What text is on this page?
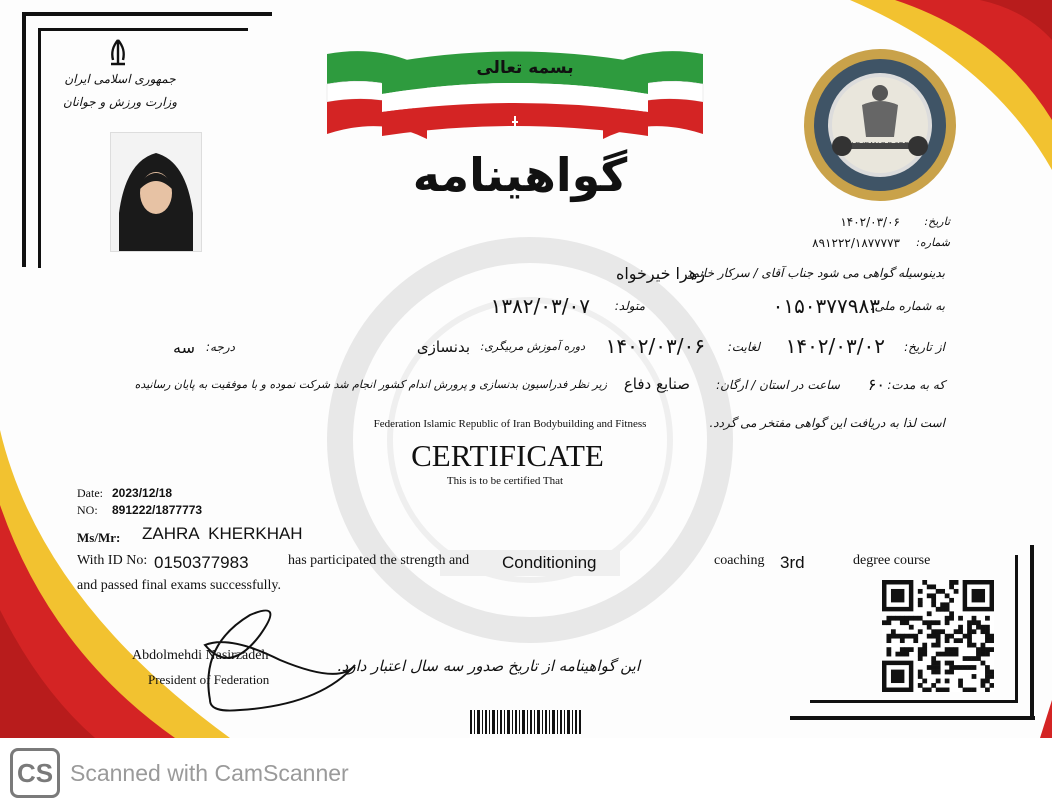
جمهوری اسلامی ایران
وزارت ورزش و جوانان
بسمه تعالی
گواهینامه
I.R.IRAN.B.B.&F.F
تاریخ:
۱۴۰۲/۰۳/۰۶
شماره:
۸۹۱۲۲۲/۱۸۷۷۷۷۳
بدینوسیله گواهی می شود جناب آقای / سرکار خانم:
زهرا خیرخواه
به شماره ملی:
۰۱۵۰۳۷۷۹۸۳
متولد:
۱۳۸۲/۰۳/۰۷
از تاریخ:
۱۴۰۲/۰۳/۰۲
لغایت:
۱۴۰۲/۰۳/۰۶
دوره آموزش مربیگری:
بدنسازی
درجه:
سه
که به مدت:
۶۰
ساعت در استان / ارگان:
صنایع دفاع
زیر نظر فدراسیون بدنسازی و پرورش اندام کشور انجام شد شرکت نموده و با موفقیت به پایان رسانیده
است لذا به دریافت این گواهی مفتخر می گردد.
Federation Islamic Republic of Iran Bodybuilding and Fitness
CERTIFICATE
This is to be certified That
Date: 2023/12/18
NO: 891222/1877773
Ms/Mr: ZAHRA  KHERKHAH
With ID No: 0150377983	has participated the strength and Conditioning	coaching 3rd	degree course
and passed final exams successfully.
Abdolmehdi Nasirzadeh
President of Federation
این گواهینامه از تاریخ صدور سه سال اعتبار دارد.
CS Scanned with CamScanner
